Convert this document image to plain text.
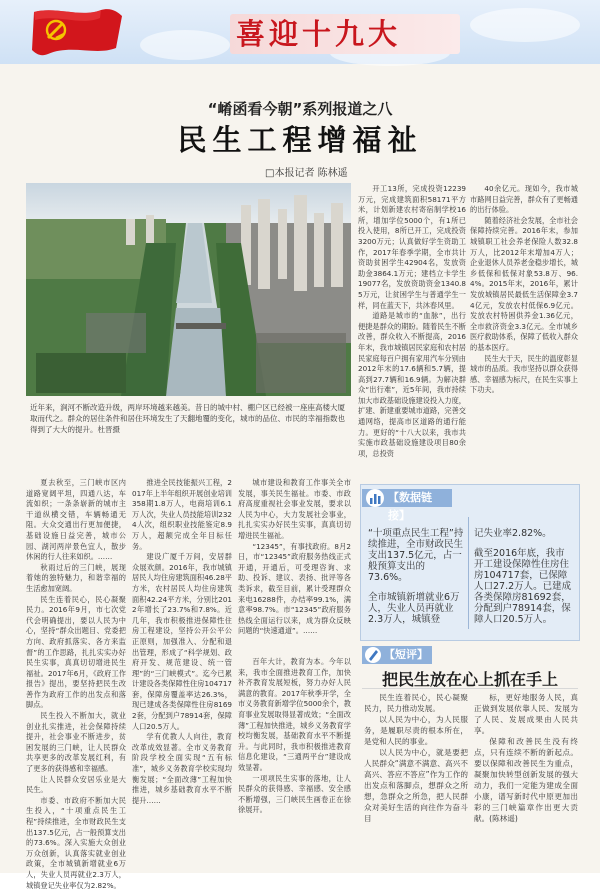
喜迎十九大
“崤函看今朝”系列报道之八
民生工程增福祉
□本报记者 陈林遥
近年来，涧河不断改造升级，两岸环境越来越美。昔日的城中村、棚户区已经被一座座高楼大厦取而代之。群众的居住条件和居住环境发生了天翻地覆的变化，城市的品位、市民的幸福指数也得到了大大的提升。杜晋摄

开工13所，完成投资12239万元，完成建筑面积58171平方米，计划新建农村寄宿制学校16所，增加学位5000个，有1所已投入使用，8所已开工，完成投资3200万元；认真做好学生资助工作，2017年春季学期，全市共计资助贫困学生42904名，发放资助金3864.1万元；建档立卡学生19077名，发放资助资金1340.85万元，让贫困学生与普通学生一样，同在蓝天下，共沐春风里。

道路是城市的“血脉”，出行便捷是群众的期盼。随着民生不断改善，群众收入不断提高，2016年末，我市城镇居民家庭和农村居民家庭每百户拥有家用汽车分别由2012年末的17.6辆和5.7辆，提高到27.7辆和16.9辆。为解决群众“出行难”，近5年间，我市持续加大市政基础设施建设投入力度，扩建、新建重要城市道路，完善交通网络，提高市区道路的通行能力。更好的“十八大以来，我市共实施市政基础设施建设项目80余项，总投资

40余亿元。现如今，我市城市路网日益完善，群众有了更畅通的出行体验。

随着经济社会发展，全市社会保障持续完善。2016年末，参加城镇职工社会养老保险人数32.8万人，比2012年末增加4万人；企业退休人员养老金稳步增长，城乡低保和低保对象53.8万、96.4%。2015年末，2016年，累计发放城镇居民最低生活保障金3.74亿元，发放农村低保6.9亿元。发放农村特困供养金1.36亿元，全市救济资金3.3亿元。全市城乡医疗救助体系，保障了低收入群众的基本医疗。

民生大于天，民生的温度彰显城市的品质。我市坚持以群众获得感、幸福感为标尺，在民生实事上下功夫。

夏去秋至，三门峡市区内道路宽阔平坦，四通八达，车流如织；一条条崭新的城市主干道纵横交错，车辆畅通无阻。大众交通出行更加便捷，基础设施日益完善，城市公园、湖河两岸景色宜人，散步休闲的行人往来如织。……

秋雨过后的三门峡，展现着她的独特魅力，和谐幸福的生活愈加宽阔。

民生连着民心，民心凝聚民力。2016年9月，市七次党代会明确提出，要以人民为中心，坚持“群众出题目、党委把方向、政府抓落实、各方来监督”的工作思路，扎扎实实办好民生实事，真真切切增进民生福祉。2017年6月，《政府工作报告》提出，要坚持把民生改善作为政府工作的出发点和落脚点。

民生投入不断加大，就业创业扎实推进，社会保障持续提升，社会事业不断进步，贫困发展的三门峡，让人民群众共享更多的改革发展红利，有了更多的获得感和幸福感。

让人民群众安居乐业是大民生。

市委、市政府不断加大民生投入，“十项重点民生工程”持续推进，全市财政民生支出137.5亿元，占一般预算支出的73.6%。深入实施大众创业万众创新，认真落实就业创业政策，全市城镇新增就业6万人，失业人员再就业2.3万人，城镇登记失业率仅为2.82%。

推进全民技能振兴工程，2017年上半年组织开展创业培训358期1.8万人，电商培训6.1万人次，失业人员技能培训2324人次，组织职业技能鉴定8.9万人，超额完成全年目标任务。

建设广厦千万间，安居群众展欢颜。2016年，我市城镇居民人均住房建筑面积46.28平方米，农村居民人均住房建筑面积42.24平方米，分别比2012年增长了23.7%和7.8%。近几年，我市积极推进保障性住房工程建设，坚持公开公平公正原则，加强准入、分配和退出管理，形成了“科学规划、政府开发、规范建设、统一管理”的“三门峡模式”。迄今已累计建设各类保障性住房104717套，保障房覆盖率达26.3%，现已建成各类保障性住房81692套，分配到户78914套，保障人口20.5万人。

学有优教人人向往，教育改革成效显著。全市义务教育阶段学校全面实现“五有标准”，城乡义务教育学校实现均衡发展；“全面改薄”工程加快推进，城乡基础教育水平不断提升……

城市建设和教育工作事关全市发展，事关民生福祉。市委、市政府高度重视社会事业发展，要求以人民为中心，大力发展社会事业，扎扎实实办好民生实事，真真切切增进民生福祉。

“12345”，有事找政府。8月2日，市“12345”政府服务热线正式开通，开通后，可受理咨询、求助、投诉、建议、表扬、批评等各类诉求，截至目前，累计受理群众来电16288件，办结率99.1%，满意率98.7%。市“12345”政府服务热线全面运行以来，成为群众反映问题的“快速通道”。……

百年大计，教育为本。今年以来，我市全面推进教育工作，加快补齐教育发展短板，努力办好人民满意的教育。2017年秋季开学，全市义务教育新增学位5000余个，教育事业发展取得显著成效；“全面改薄”工程加快推进，城乡义务教育学校均衡发展，基础教育水平不断提升。与此同时，我市积极推进教育信息化建设，“三通两平台”建设成效显著。

一项项民生实事的落地，让人民群众的获得感、幸福感、安全感不断增强，三门峡民生画卷正在徐徐展开。

【数据链接】

“十项重点民生工程”持续推进，全市财政民生支出137.5亿元，占一般预算支出的73.6%。

全市城镇新增就业6万人，失业人员再就业2.3万人，城镇登

记失业率2.82%。

截至2016年底，我市开工建设保障性住房住房104717套，已保障人口27.2万人。已建成各类保障房81692套，分配到户78914套，保障人口20.5万人。

【短评】
把民生放在心上抓在手上

民生连着民心，民心凝聚民力，民力推动发展。

以人民为中心，为人民服务，是履职尽责的根本所在，是党和人民的事业。

以人民为中心，就是要把人民群众“满意不满意、高兴不高兴、答应不答应”作为工作的出发点和落脚点，想群众之所想，急群众之所急，把人民群众对美好生活的向往作为奋斗目

标，更好地服务人民，真正做到发展依靠人民、发展为了人民、发展成果由人民共享。

保障和改善民生没有终点，只有连续不断的新起点。要以保障和改善民生为重点，凝聚加快转型创新发展的强大动力，我们一定能为建成全面小康，谱写新时代中原更加出彩的三门峡篇章作出更大贡献。(陈林遥)
